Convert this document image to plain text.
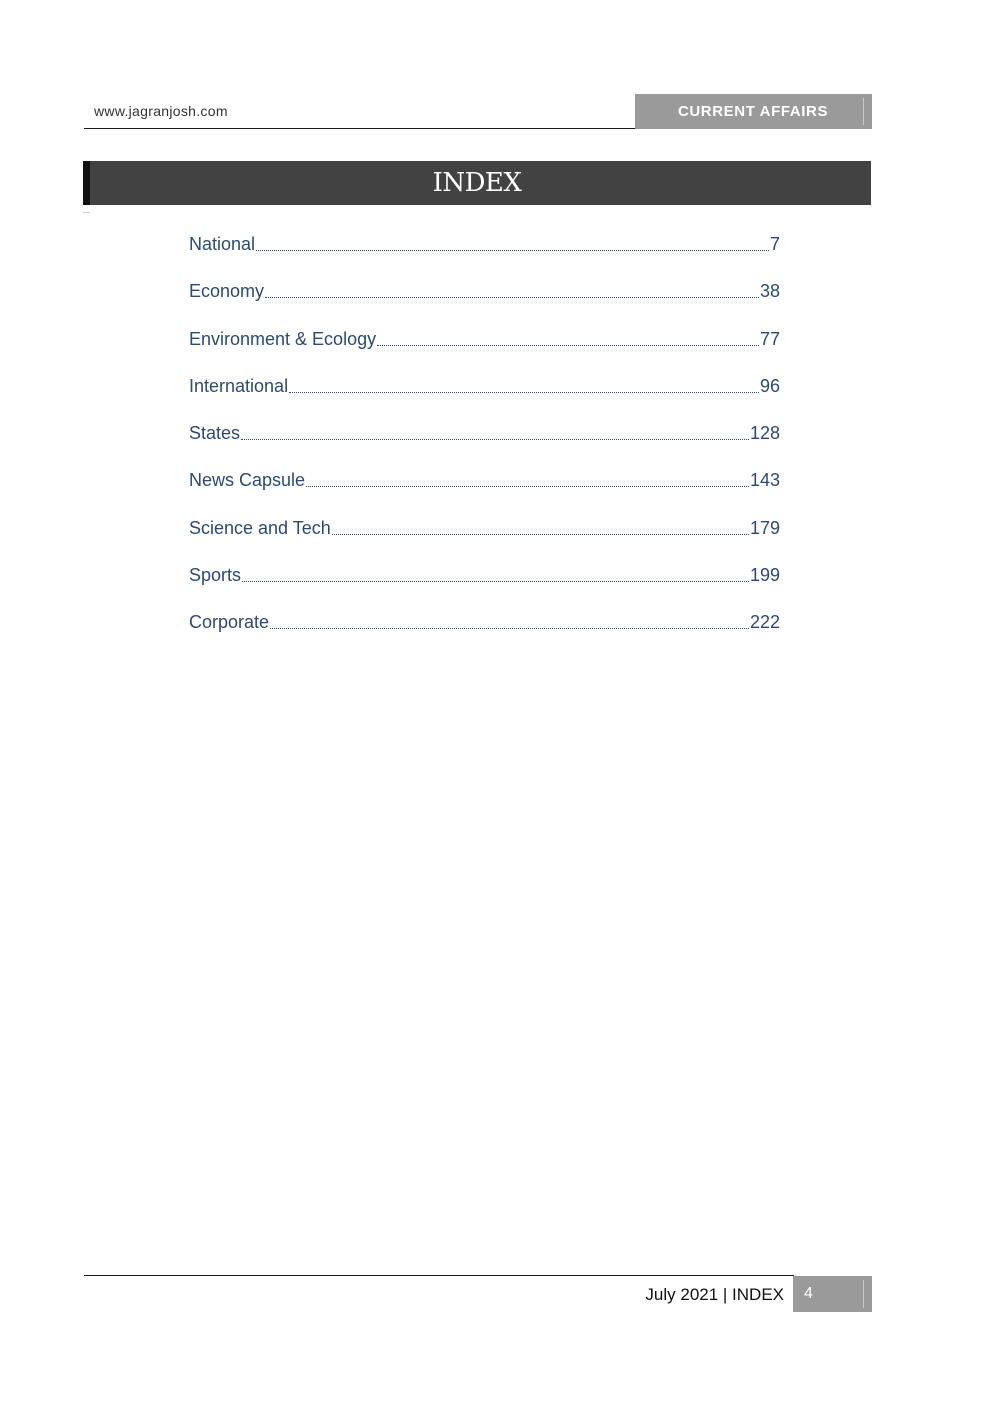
www.jagranjosh.com	CURRENT AFFAIRS
INDEX
National	7
Economy	38
Environment & Ecology	77
International	96
States	128
News Capsule	143
Science and Tech	179
Sports	199
Corporate	222
July 2021 | INDEX	4
